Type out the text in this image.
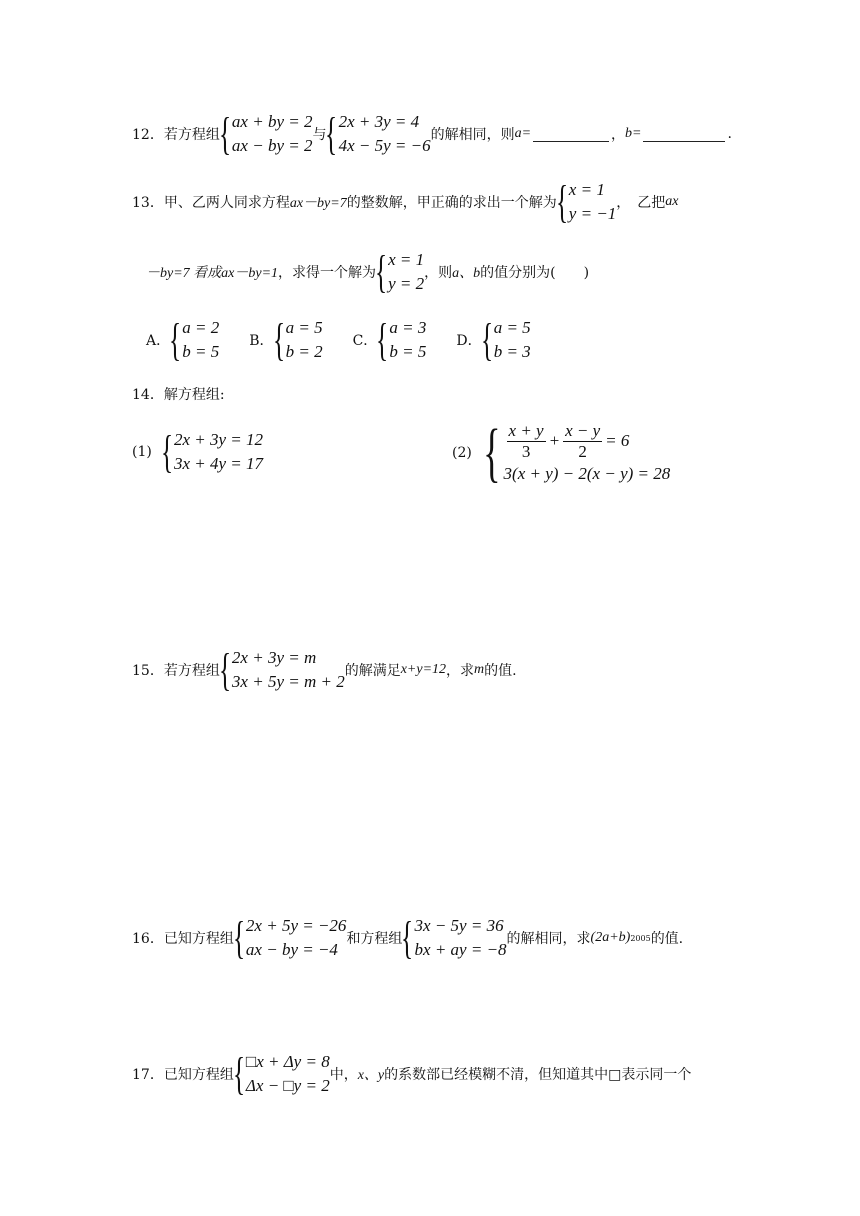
12． 若方程组
{ ax + by = 2
ax − by = 2
与
{ 2x + 3y = 4
4x − 5y = −6
的解相同，则 a=	， b=	.
13． 甲、乙两人同求方程 ax－by=7 的整数解，甲正确的求出一个解为
{ x = 1
y = −1
，　乙把 ax
－by=7 看成 ax－by=1 ，求得一个解为
{ x = 1
y = 2
，则 a、b 的值分别为(　　)
A．
{ a = 2
b = 5
B．
{ a = 5
b = 2
C．
{ a = 3
b = 5
D．
{ a = 5
b = 3
14．解方程组:
(1) { 2x + 3y = 12
3x + 4y = 17
(2) { $\frac{x + y}{3} + \frac{x - y}{2} = 6$
3(x + y) − 2(x − y) = 28
15． 若方程组
{ 2x + 3y = m
3x + 5y = m + 2
的解满足 x+y=12 ，求 m 的值.
16． 已知方程组
{ 2x + 5y = −26
ax − by = −4
和方程组
{ 3x − 5y = 36
bx + ay = −8
的解相同，求 (2a+b) 2005 的值.
17． 已知方程组
{ □x + Δy = 8
Δx − □y = 2
中， x、y 的系数部已经模糊不清，但知道其中□表示同一个
